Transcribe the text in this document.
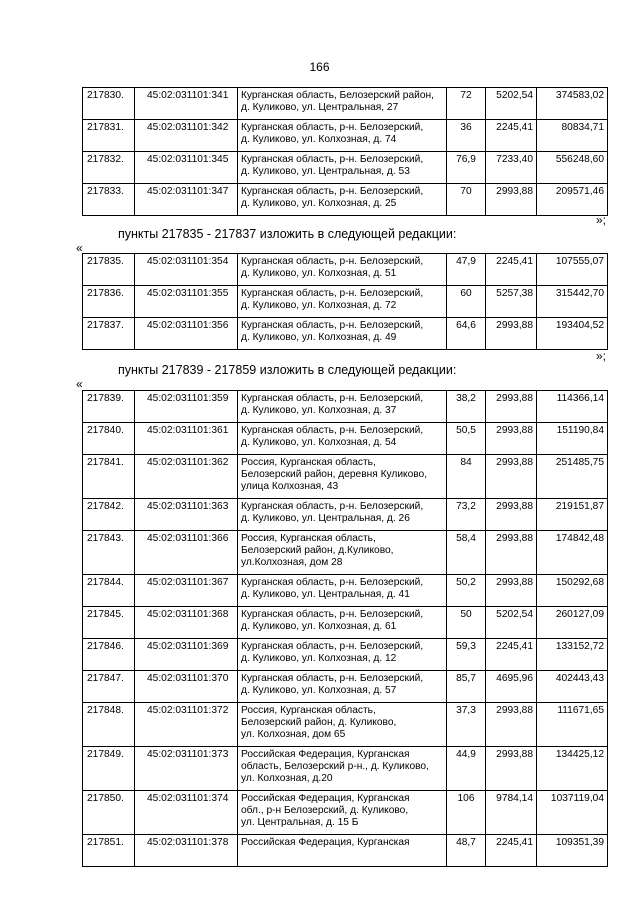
166
217830.	45:02:031101:341	Курганская область, Белозерский район,
д. Куликово, ул. Центральная, 27	72	5202,54	374583,02
217831.	45:02:031101:342	Курганская область, р-н. Белозерский,
д. Куликово, ул. Колхозная, д. 74	36	2245,41	80834,71
217832.	45:02:031101:345	Курганская область, р-н. Белозерский,
д. Куликово, ул. Центральная, д. 53	76,9	7233,40	556248,60
217833.	45:02:031101:347	Курганская область, р-н. Белозерский,
д. Куликово, ул. Колхозная, д. 25	70	2993,88	209571,46
»;
пункты 217835 - 217837 изложить в следующей редакции:
«
217835.	45:02:031101:354	Курганская область, р-н. Белозерский,
д. Куликово, ул. Колхозная, д. 51	47,9	2245,41	107555,07
217836.	45:02:031101:355	Курганская область, р-н. Белозерский,
д. Куликово, ул. Колхозная, д. 72	60	5257,38	315442,70
217837.	45:02:031101:356	Курганская область, р-н. Белозерский,
д. Куликово, ул. Колхозная, д. 49	64,6	2993,88	193404,52
»;
пункты 217839 - 217859 изложить в следующей редакции:
«
217839.	45:02:031101:359	Курганская область, р-н. Белозерский,
д. Куликово, ул. Колхозная, д. 37	38,2	2993,88	114366,14
217840.	45:02:031101:361	Курганская область, р-н. Белозерский,
д. Куликово, ул. Колхозная, д. 54	50,5	2993,88	151190,84
217841.	45:02:031101:362	Россия, Курганская область,
Белозерский район, деревня Куликово,
улица Колхозная, 43	84	2993,88	251485,75
217842.	45:02:031101:363	Курганская область, р-н. Белозерский,
д. Куликово, ул. Центральная, д. 26	73,2	2993,88	219151,87
217843.	45:02:031101:366	Россия, Курганская область,
Белозерский район, д.Куликово,
ул.Колхозная, дом 28	58,4	2993,88	174842,48
217844.	45:02:031101:367	Курганская область, р-н. Белозерский,
д. Куликово, ул. Центральная, д. 41	50,2	2993,88	150292,68
217845.	45:02:031101:368	Курганская область, р-н. Белозерский,
д. Куликово, ул. Колхозная, д. 61	50	5202,54	260127,09
217846.	45:02:031101:369	Курганская область, р-н. Белозерский,
д. Куликово, ул. Колхозная, д. 12	59,3	2245,41	133152,72
217847.	45:02:031101:370	Курганская область, р-н. Белозерский,
д. Куликово, ул. Колхозная, д. 57	85,7	4695,96	402443,43
217848.	45:02:031101:372	Россия, Курганская область,
Белозерский район, д. Куликово,
ул. Колхозная, дом 65	37,3	2993,88	111671,65
217849.	45:02:031101:373	Российская Федерация, Курганская
область, Белозерский р-н., д. Куликово,
ул. Колхозная, д.20	44,9	2993,88	134425,12
217850.	45:02:031101:374	Российская Федерация, Курганская
обл., р-н Белозерский, д. Куликово,
ул. Центральная, д. 15 Б	106	9784,14	1037119,04
217851.	45:02:031101:378	Российская Федерация, Курганская	48,7	2245,41	109351,39
